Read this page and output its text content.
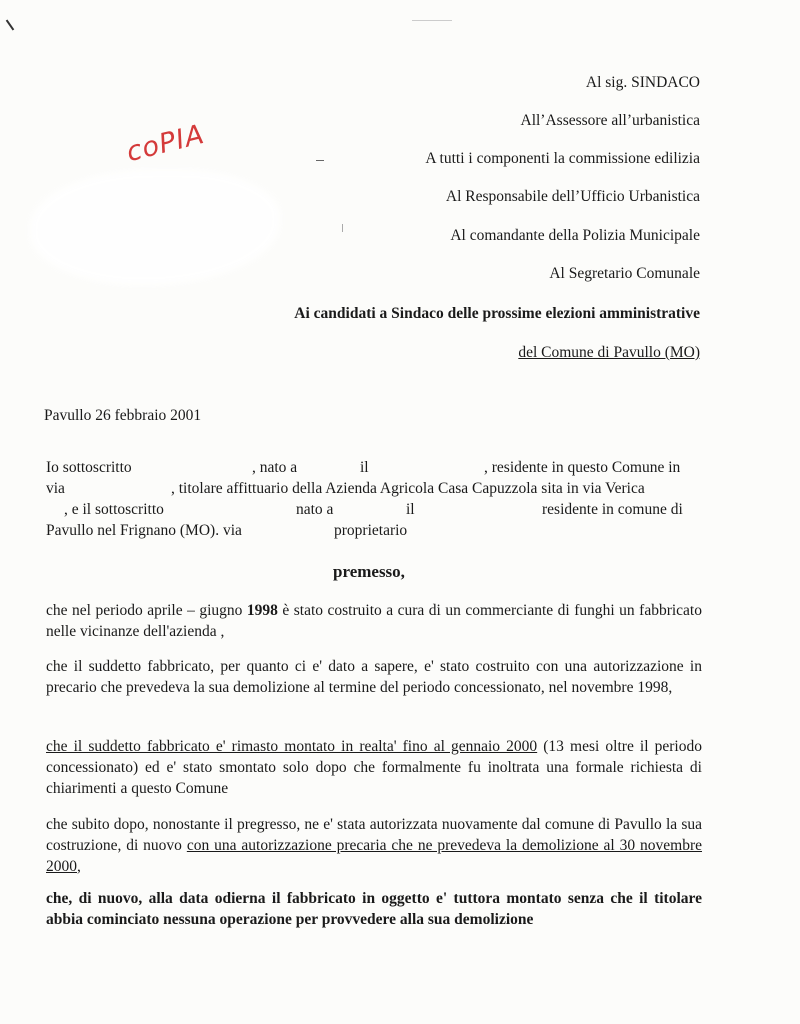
coPIA
Al sig. SINDACO
All’Assessore all’urbanistica
A tutti i componenti la commissione edilizia
Al Responsabile dell’Ufficio Urbanistica
Al comandante della Polizia Municipale
Al Segretario Comunale
Ai candidati a Sindaco delle prossime elezioni amministrative
del Comune di Pavullo (MO)
Pavullo 26 febbraio 2001
Io sottoscritto	, nato a	il	, residente in questo Comune in
via	, titolare affittuario della Azienda Agricola Casa Capuzzola sita in via Verica
, e il sottoscritto	nato a	il	residente in comune di
Pavullo nel Frignano (MO). via	proprietario
premesso,
che nel periodo aprile – giugno 1998 è stato costruito a cura di un commerciante di funghi un fabbricato nelle vicinanze dell'azienda ,
che il suddetto fabbricato, per quanto ci e' dato a sapere, e' stato costruito con una autorizzazione in precario che prevedeva la sua demolizione al termine del periodo concessionato, nel novembre 1998,
che il suddetto fabbricato e' rimasto montato in realta' fino al gennaio 2000 (13 mesi oltre il periodo concessionato) ed e' stato smontato solo dopo che formalmente fu inoltrata una formale richiesta di chiarimenti a questo Comune
che subito dopo, nonostante il pregresso, ne e' stata autorizzata nuovamente dal comune di Pavullo la sua costruzione, di nuovo con una autorizzazione precaria che ne prevedeva la demolizione al 30 novembre 2000,
che, di nuovo, alla data odierna il fabbricato in oggetto e' tuttora montato senza che il titolare abbia cominciato nessuna operazione per provvedere alla sua demolizione
